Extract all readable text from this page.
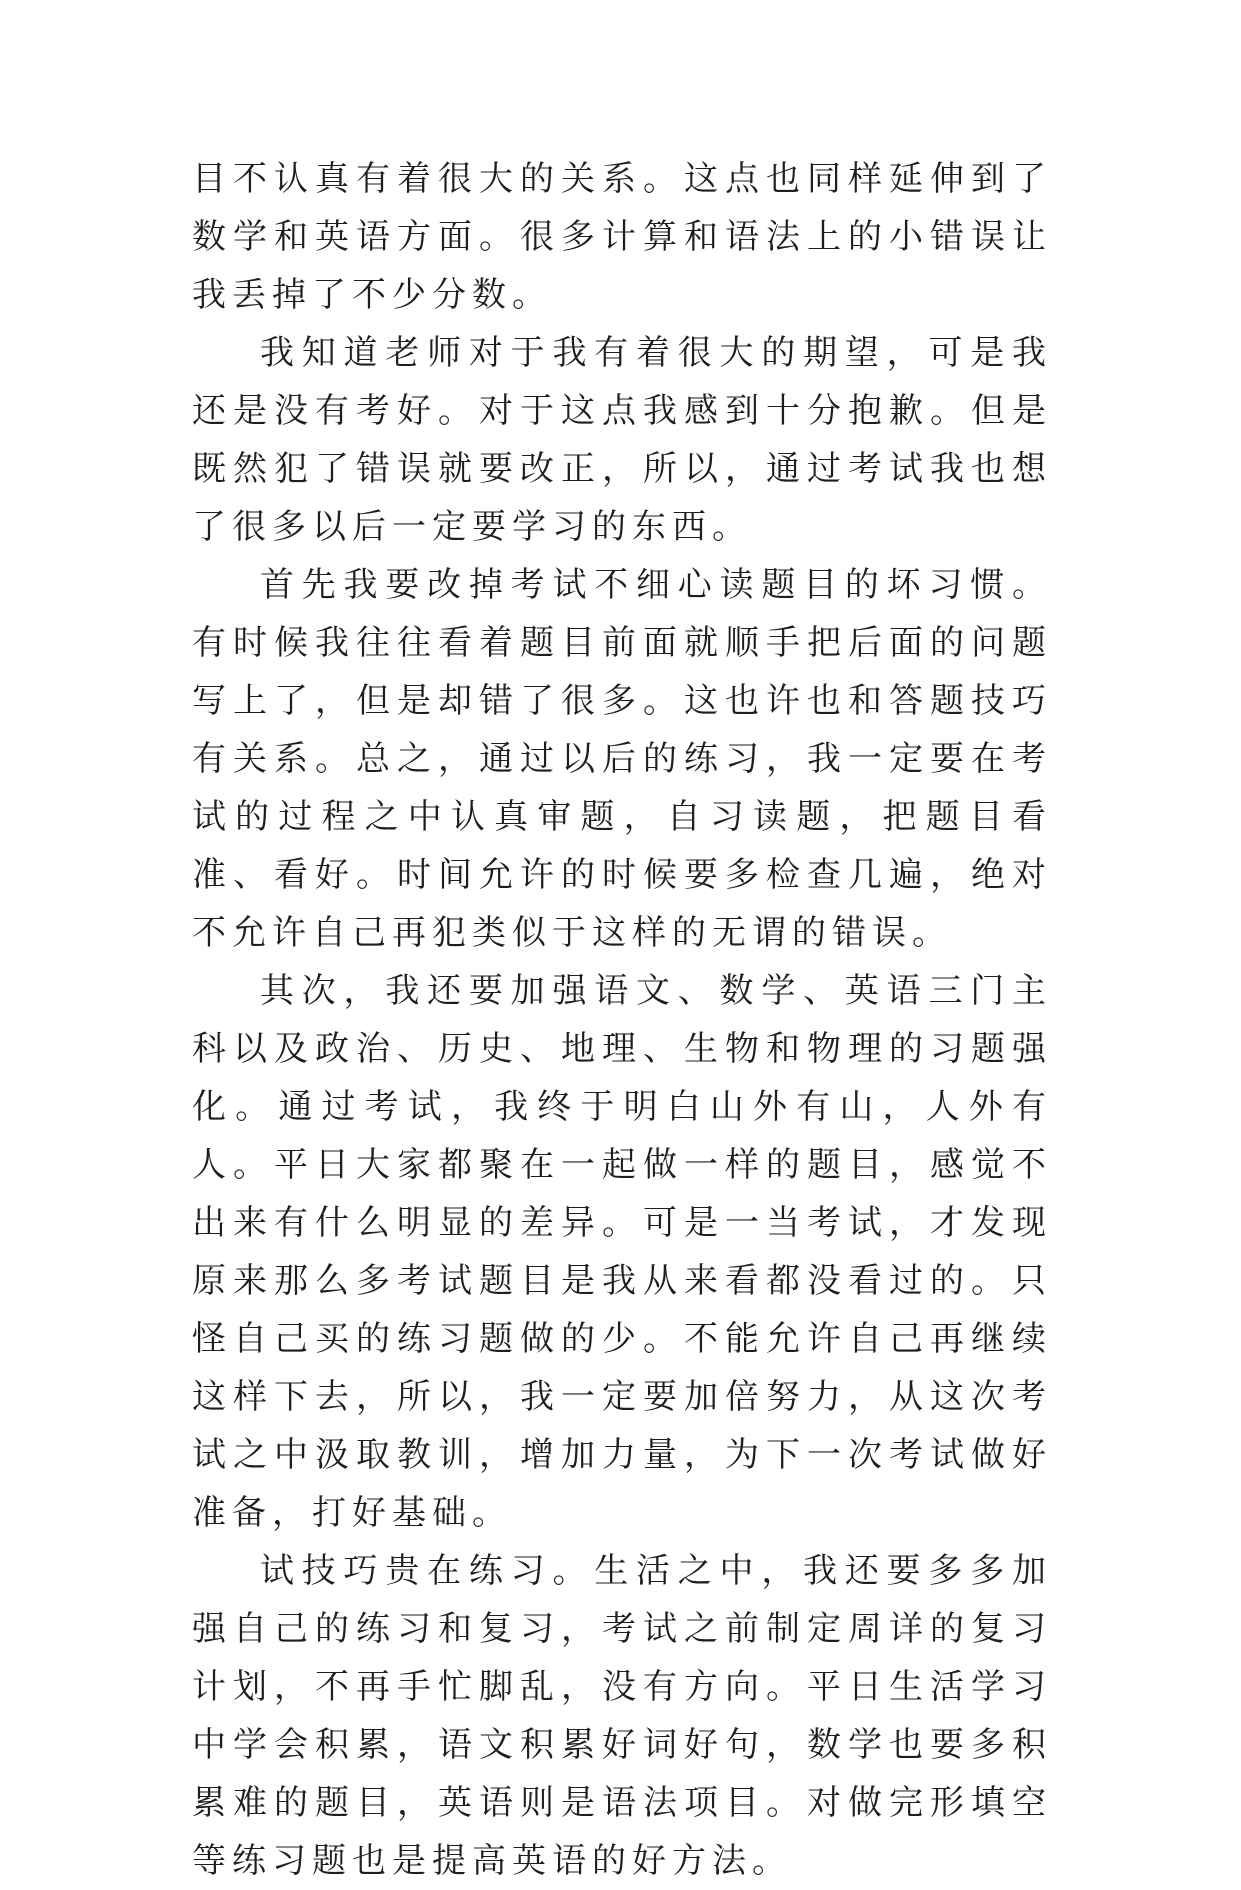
目不认真有着很大的关系。这点也同样延伸到了数学和英语方面。很多计算和语法上的小错误让我丢掉了不少分数。

我知道老师对于我有着很大的期望，可是我还是没有考好。对于这点我感到十分抱歉。但是既然犯了错误就要改正，所以，通过考试我也想了很多以后一定要学习的东西。

首先我要改掉考试不细心读题目的坏习惯。有时候我往往看着题目前面就顺手把后面的问题写上了，但是却错了很多。这也许也和答题技巧有关系。总之，通过以后的练习，我一定要在考试的过程之中认真审题，自习读题，把题目看准、看好。时间允许的时候要多检查几遍，绝对不允许自己再犯类似于这样的无谓的错误。

其次，我还要加强语文、数学、英语三门主科以及政治、历史、地理、生物和物理的习题强化。通过考试，我终于明白山外有山，人外有人。平日大家都聚在一起做一样的题目，感觉不出来有什么明显的差异。可是一当考试，才发现原来那么多考试题目是我从来看都没看过的。只怪自己买的练习题做的少。不能允许自己再继续这样下去，所以，我一定要加倍努力，从这次考试之中汲取教训，增加力量，为下一次考试做好准备，打好基础。

试技巧贵在练习。生活之中，我还要多多加强自己的练习和复习，考试之前制定周详的复习计划，不再手忙脚乱，没有方向。平日生活学习中学会积累，语文积累好词好句，数学也要多积累难的题目，英语则是语法项目。对做完形填空等练习题也是提高英语的好方法。
